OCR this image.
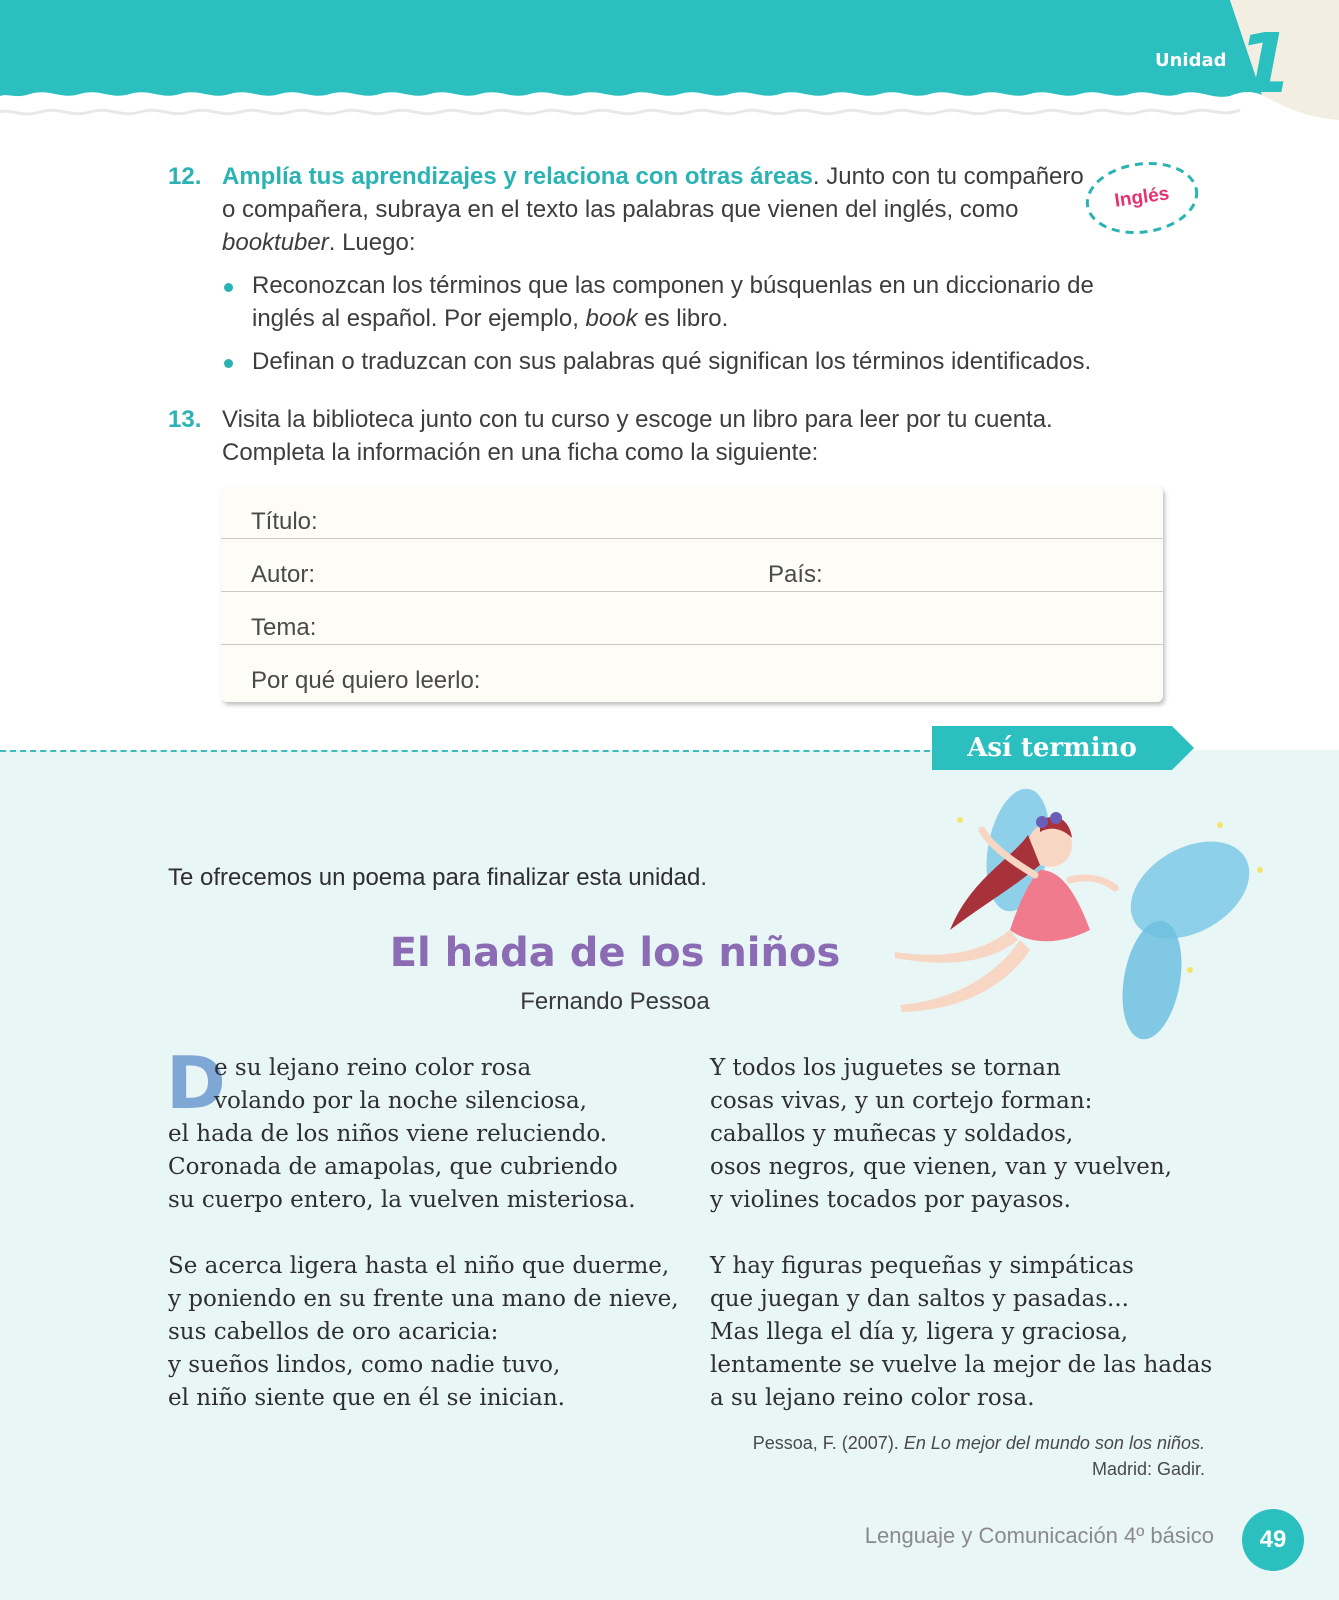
Unidad 1
12. Amplía tus aprendizajes y relaciona con otras áreas. Junto con tu compañero o compañera, subraya en el texto las palabras que vienen del inglés, como booktuber. Luego:
Reconozcan los términos que las componen y búsquenlas en un diccionario de inglés al español. Por ejemplo, book es libro.
Definan o traduzcan con sus palabras qué significan los términos identificados.
Inglés
13. Visita la biblioteca junto con tu curso y escoge un libro para leer por tu cuenta. Completa la información en una ficha como la siguiente:
Título:
Autor:	País:
Tema:
Por qué quiero leerlo:
Así termino
Te ofrecemos un poema para finalizar esta unidad.
El hada de los niños
Fernando Pessoa
D
e su lejano reino color rosa
volando por la noche silenciosa,
el hada de los niños viene reluciendo.
Coronada de amapolas, que cubriendo
su cuerpo entero, la vuelven misteriosa.
Se acerca ligera hasta el niño que duerme,
y poniendo en su frente una mano de nieve,
sus cabellos de oro acaricia:
y sueños lindos, como nadie tuvo,
el niño siente que en él se inician.
Y todos los juguetes se tornan
cosas vivas, y un cortejo forman:
caballos y muñecas y soldados,
osos negros, que vienen, van y vuelven,
y violines tocados por payasos.
Y hay figuras pequeñas y simpáticas
que juegan y dan saltos y pasadas...
Mas llega el día y, ligera y graciosa,
lentamente se vuelve la mejor de las hadas
a su lejano reino color rosa.
Pessoa, F. (2007). En Lo mejor del mundo son los niños.
Madrid: Gadir.
Lenguaje y Comunicación 4º básico	49
